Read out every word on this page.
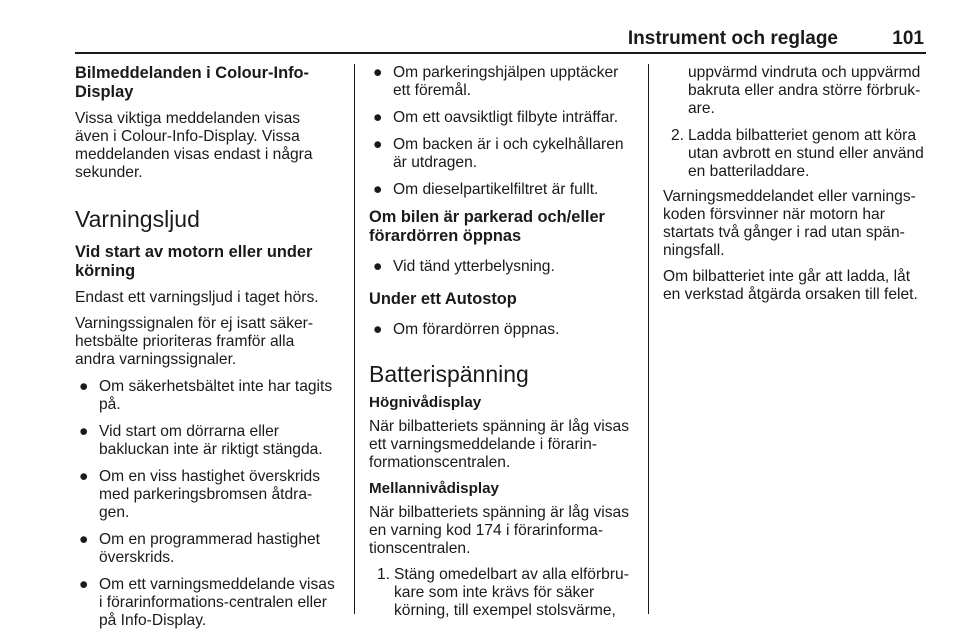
Instrument och reglage	101
Bilmeddelanden i Colour-Info-Display

Vissa viktiga meddelanden visas även i Colour-Info-Display. Vissa meddelanden visas endast i några sekunder.

Varningsljud
Vid start av motorn eller under körning

Endast ett varningsljud i taget hörs.

Varningssignalen för ej isatt säker-hetsbälte prioriteras framför alla andra varningssignaler.

● Om säkerhetsbältet inte har tagits på.
● Vid start om dörrarna eller bakluckan inte är riktigt stängda.
● Om en viss hastighet överskrids med parkeringsbromsen åtdra-gen.
● Om en programmerad hastighet överskrids.
● Om ett varningsmeddelande visas i förarinformations-centralen eller på Info-Display.
● Om parkeringshjälpen upptäcker ett föremål.
● Om ett oavsiktligt filbyte inträffar.
● Om backen är i och cykelhållaren är utdragen.
● Om dieselpartikelfiltret är fullt.
Om bilen är parkerad och/eller förardörren öppnas
● Vid tänd ytterbelysning.
Under ett Autostop
● Om förardörren öppnas.
Batterispänning
Högnivådisplay

När bilbatteriets spänning är låg visas ett varningsmeddelande i förarin-formationscentralen.

Mellannivådisplay

När bilbatteriets spänning är låg visas en varning kod 174 i förarinforma-tionscentralen.

1. Stäng omedelbart av alla elförbru-kare som inte krävs för säker körning, till exempel stolsvärme,
uppvärmd vindruta och uppvärmd bakruta eller andra större förbruk-are.
2. Ladda bilbatteriet genom att köra utan avbrott en stund eller använd en batteriladdare.

Varningsmeddelandet eller varnings-koden försvinner när motorn har startats två gånger i rad utan spän-ningsfall.

Om bilbatteriet inte går att ladda, låt en verkstad åtgärda orsaken till felet.
